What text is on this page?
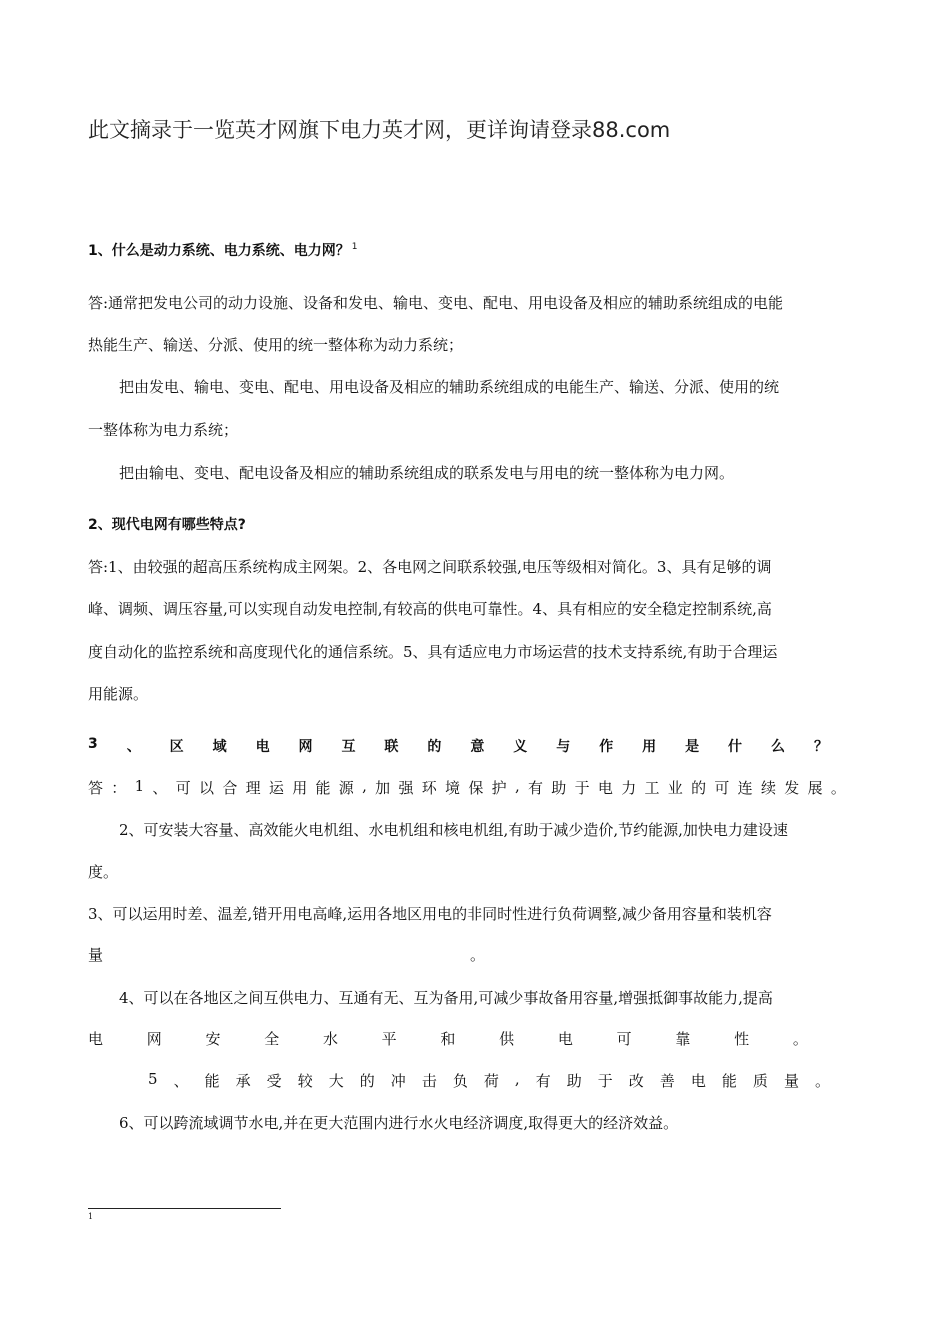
此文摘录于一览英才网旗下电力英才网，更详询请登录88.com
1、什么是动力系统、电力系统、电力网？ $^1$
答:通常把发电公司的动力设施、设备和发电、输电、变电、配电、用电设备及相应的辅助系统组成的电能
热能生产、输送、分派、使用的统一整体称为动力系统；
把由发电、输电、变电、配电、用电设备及相应的辅助系统组成的电能生产、输送、分派、使用的统
一整体称为电力系统；
把由输电、变电、配电设备及相应的辅助系统组成的联系发电与用电的统一整体称为电力网。
2、现代电网有哪些特点?
答:1、由较强的超高压系统构成主网架。2、各电网之间联系较强,电压等级相对简化。3、具有足够的调
峰、调频、调压容量,可以实现自动发电控制,有较高的供电可靠性。4、具有相应的安全稳定控制系统,高
度自动化的监控系统和高度现代化的通信系统。5、具有适应电力市场运营的技术支持系统,有助于合理运
用能源。
3 、 区 域 电 网 互 联 的 意 义 与 作 用 是 什 么 ？
答 ： 1 、 可 以 合 理 运 用 能 源 , 加 强 环 境 保 护 , 有 助 于 电 力 工 业 的 可 连 续 发 展 。
2、可安装大容量、高效能火电机组、水电机组和核电机组,有助于减少造价,节约能源,加快电力建设速
度。
3、可以运用时差、温差,错开用电高峰,运用各地区用电的非同时性进行负荷调整,减少备用容量和装机容
量	。
4、可以在各地区之间互供电力、互通有无、互为备用,可减少事故备用容量,增强抵御事故能力,提高
电	网	安	全	水	平	和	供	电	可	靠	性	。
5 、 能 承 受 较 大 的 冲 击 负 荷 , 有 助 于 改 善 电 能 质 量 。
6、可以跨流域调节水电,并在更大范围内进行水火电经济调度,取得更大的经济效益。
1
